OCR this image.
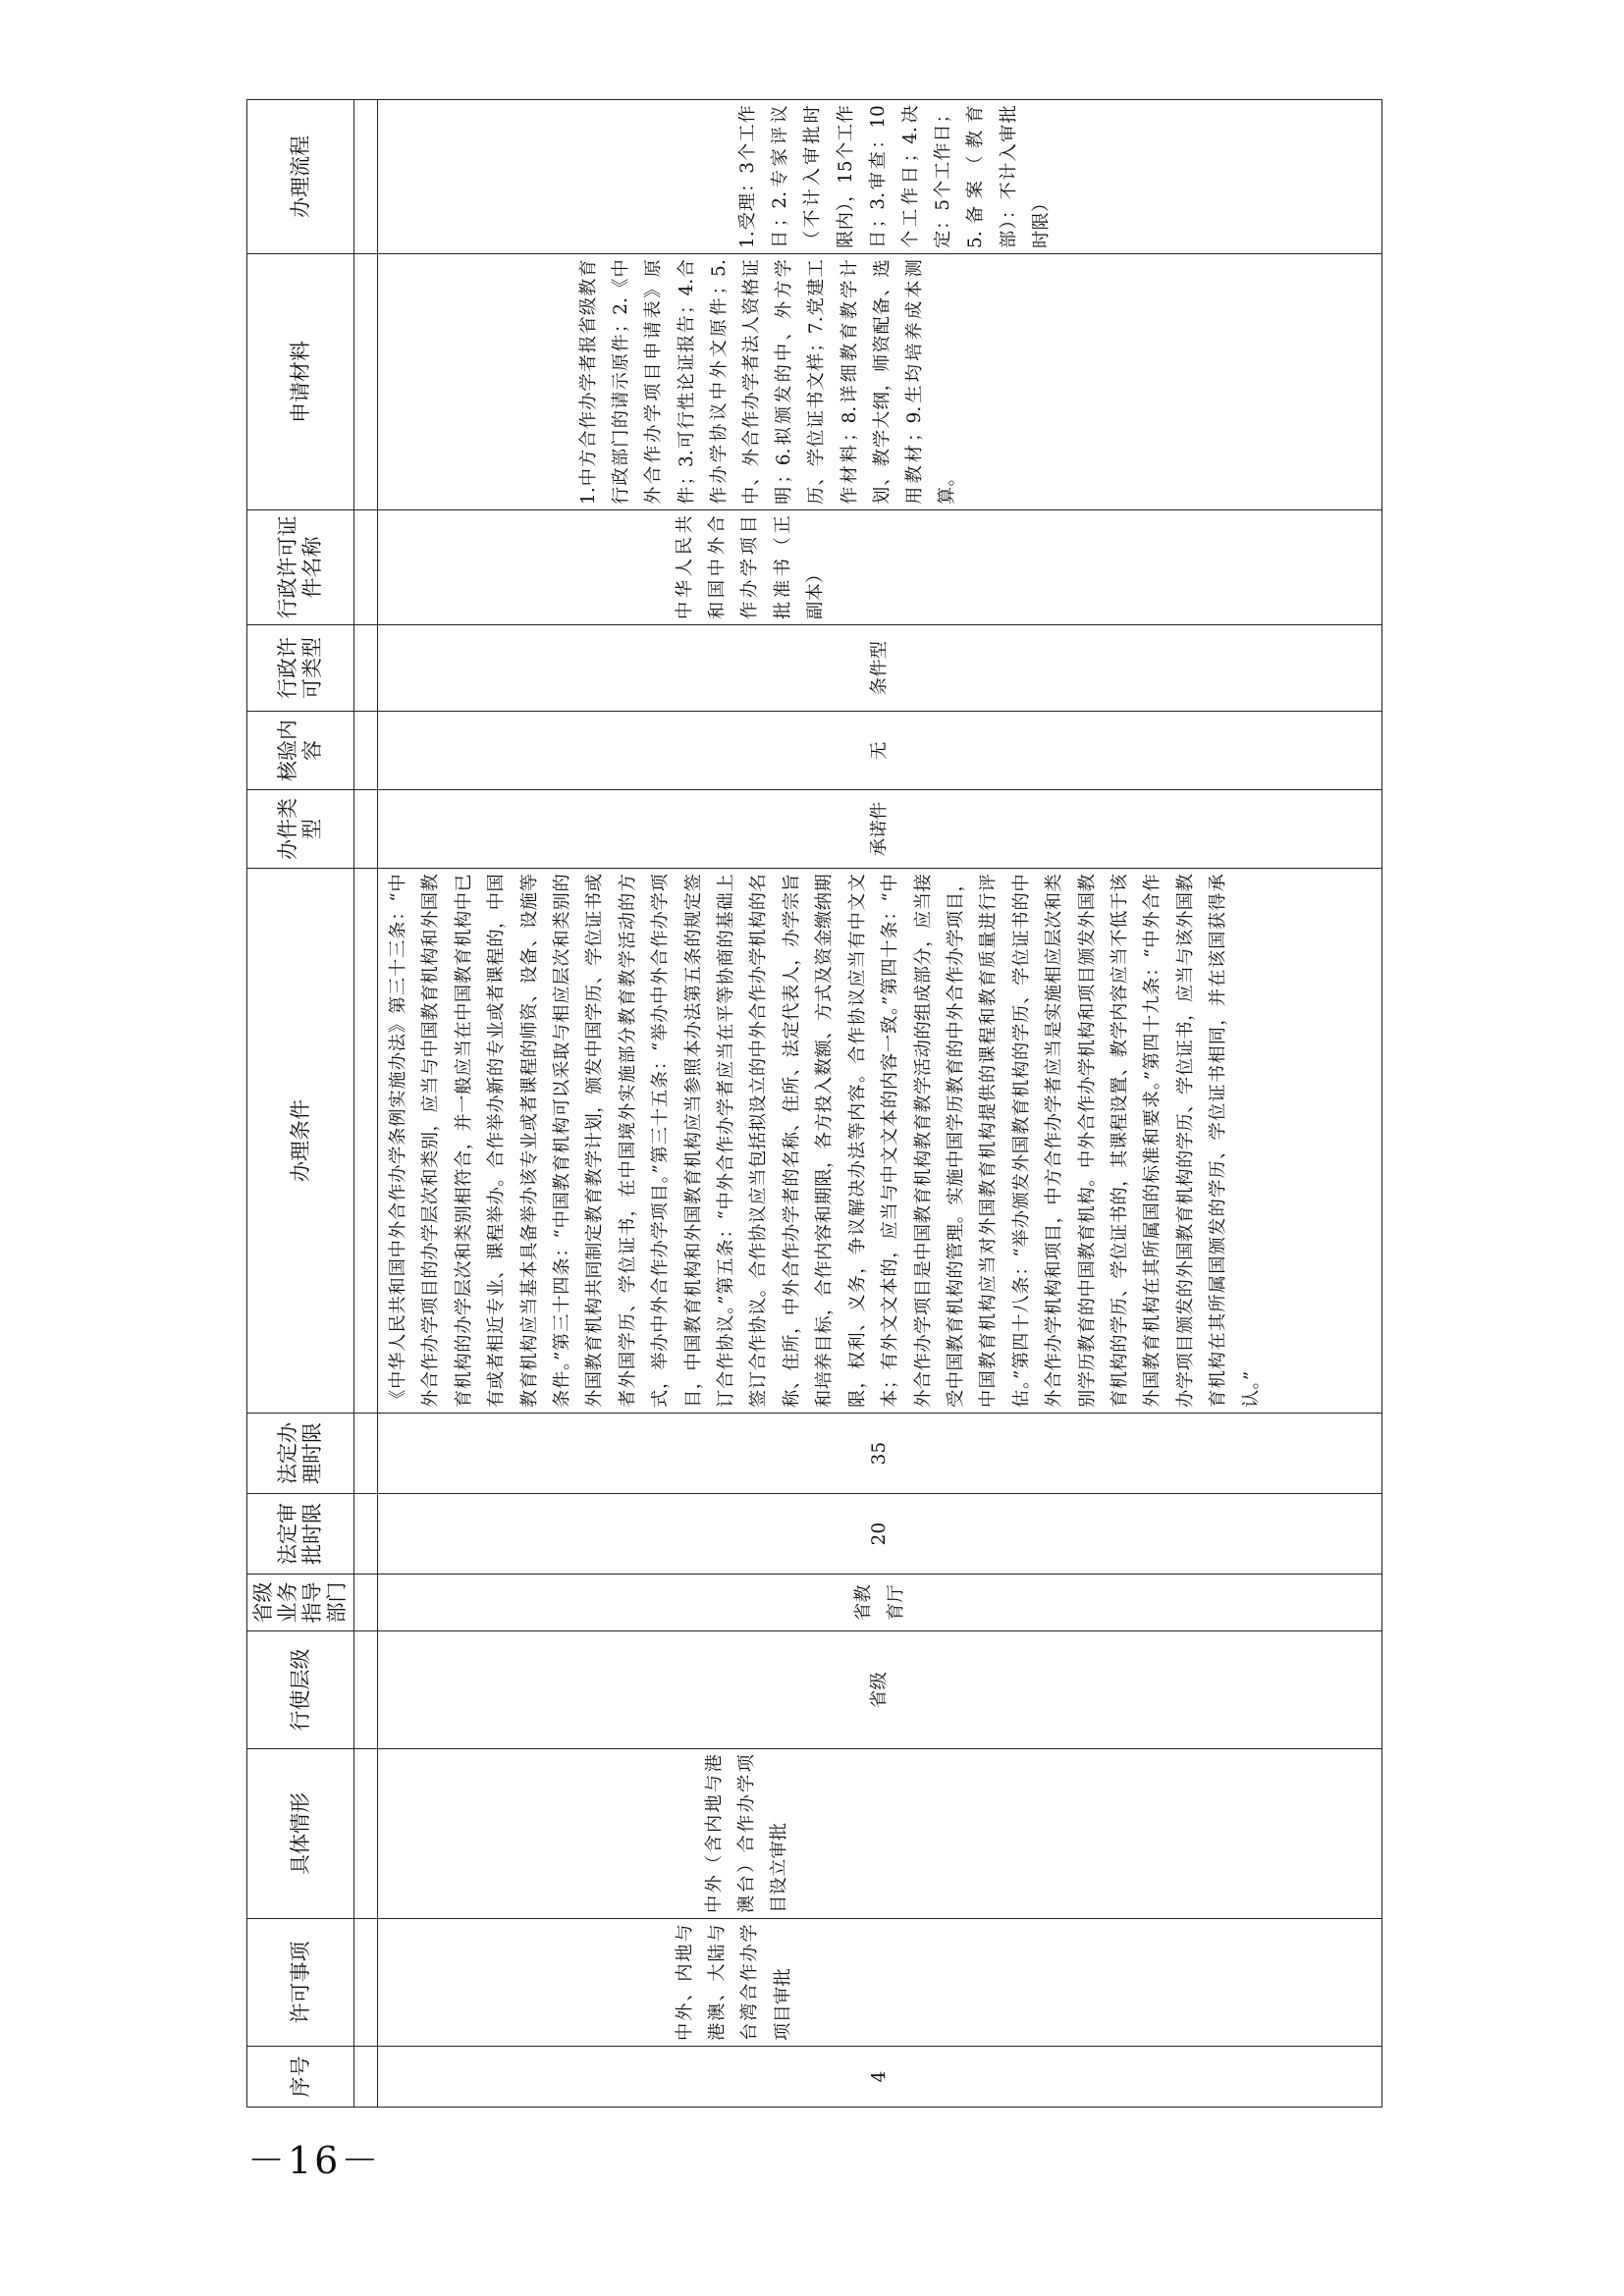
序号	许可事项	具体情形	行使层级	省级业务指导部门	法定审批时限	法定办理时限	办理条件	办件类型	核验内容	行政许可类型	行政许可证件名称	申请材料	办理流程

4	中外、内地与港澳、大陆与台湾合作办学项目审批	中外（含内地与港澳台）合作办学项目设立审批	省级	省教育厅	20	35	《中华人民共和国中外合作办学条例实施办法》第三十三条：“中外合作办学项目的办学层次和类别，应当与中国教育机构和外国教育机构的办学层次和类别相符合，并一般应当在中国教育机构中已有或者相近专业、课程举办。合作举办新的专业或者课程的，中国教育机构应当基本具备举办该专业或者课程的师资、设备、设施等条件。”第三十四条：“中国教育机构可以采取与相应层次和类别的外国教育机构共同制定教育教学计划，颁发中国学历、学位证书或者外国学历、学位证书，在中国境外实施部分教育教学活动的方式，举办中外合作办学项目。”第三十五条：“举办中外合作办学项目，中国教育机构和外国教育机构应当参照本办法第五条的规定签订合作协议。”第五条：“中外合作办学者应当在平等协商的基础上签订合作协议。合作协议应当包括拟设立的中外合作办学机构的名称、住所，中外合作办学者的名称、住所、法定代表人，办学宗旨和培养目标，合作内容和期限，各方投入数额、方式及资金缴纳期限，权利、义务，争议解决办法等内容。合作协议应当有中文文本；有外文文本的，应当与中文文本的内容一致。”第四十条：“中外合作办学项目是中国教育机构教育教学活动的组成部分，应当接受中国教育机构的管理。实施中国学历教育的中外合作办学项目，中国教育机构应当对外国教育机构提供的课程和教育质量进行评估。”第四十八条：“举办颁发外国教育机构的学历、学位证书的中外合作办学机构和项目，中方合作办学者应当是实施相应层次和类别学历教育的中国教育机构。中外合作办学机构和项目颁发外国教育机构的学历、学位证书的，其课程设置、教学内容应当不低于该外国教育机构在其所属国的标准和要求。”第四十九条：“中外合作办学项目颁发的外国教育机构的学历、学位证书，应当与该外国教育机构在其所属国颁发的学历、学位证书相同，并在该国获得承认。”	承诺件	无	条件型	中华人民共和国中外合作办学项目批准书（正副本）	1.中方合作办学者报省级教育行政部门的请示原件；2.《中外合作办学项目申请表》原件；3.可行性论证报告；4.合作办学协议中外文原件；5.中、外合作办学者法人资格证明；6.拟颁发的中、外方学历、学位证书文样；7.党建工作材料；8.详细教育教学计划、教学大纲，师资配备、选用教材；9.生均培养成本测算。	1.受理：3个工作日；2.专家评议（不计入审批时限内），15个工作日；3.审查：10个工作日；4.决定：5个工作日；5.备案（教育部）：不计入审批时限）
－16－
